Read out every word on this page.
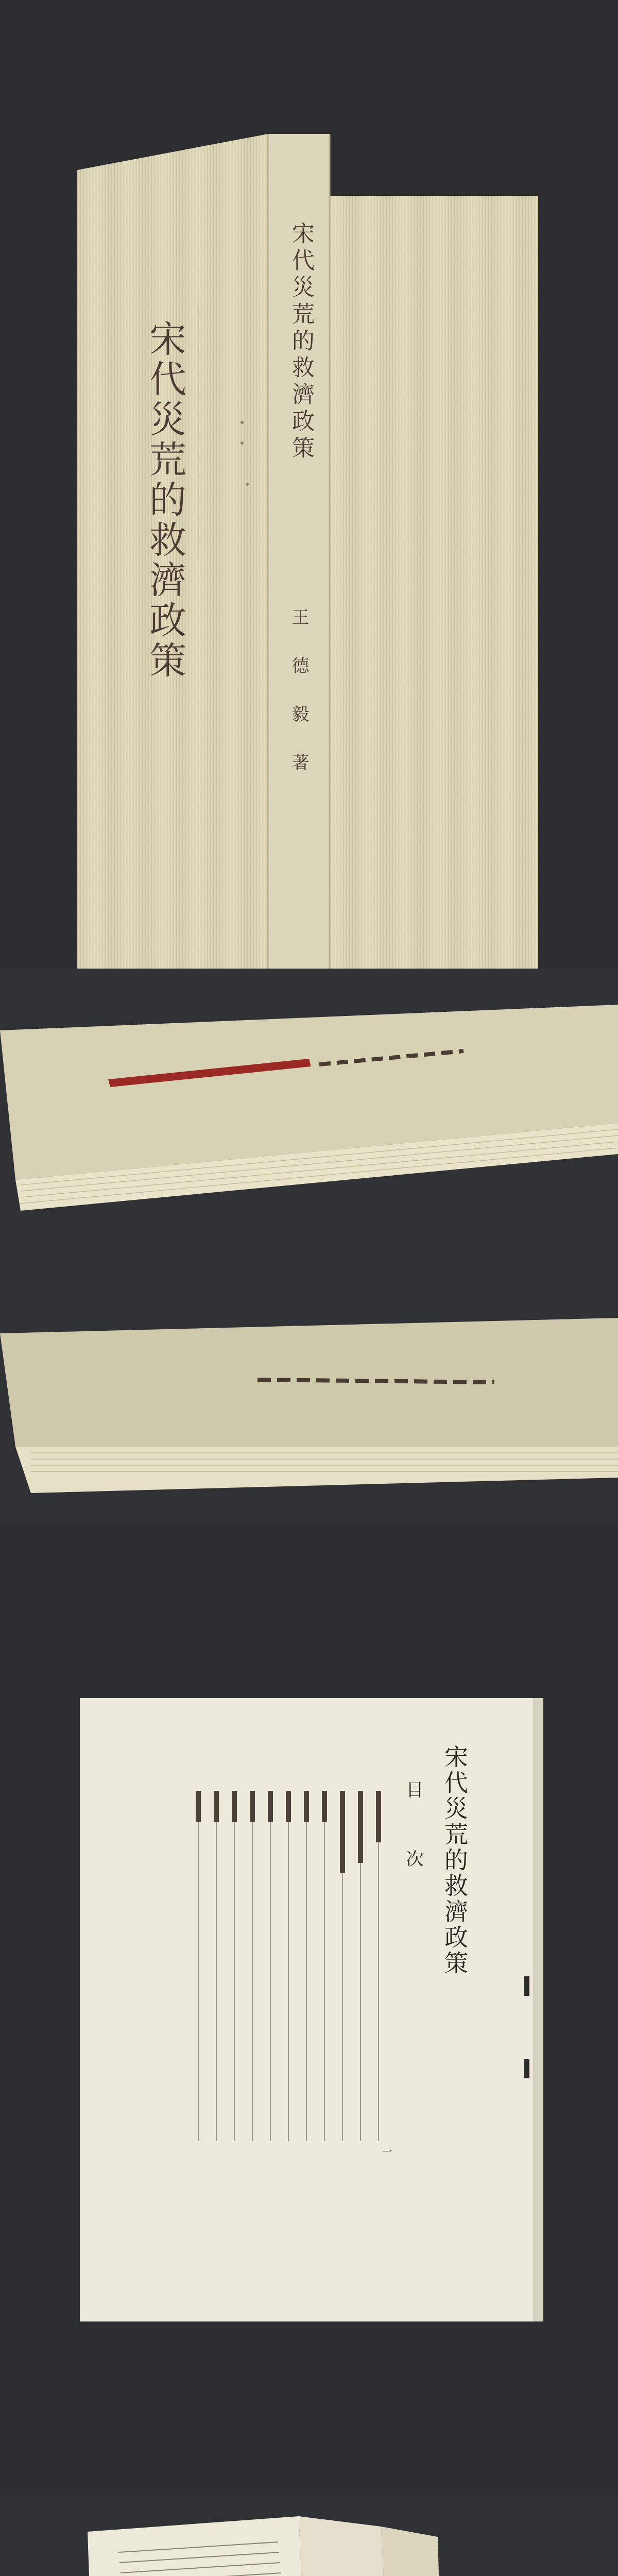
宋代災荒的救濟政策
王 德 毅 著
宋代災荒的救濟政策
宋代災荒的救濟政策
目 次
一
